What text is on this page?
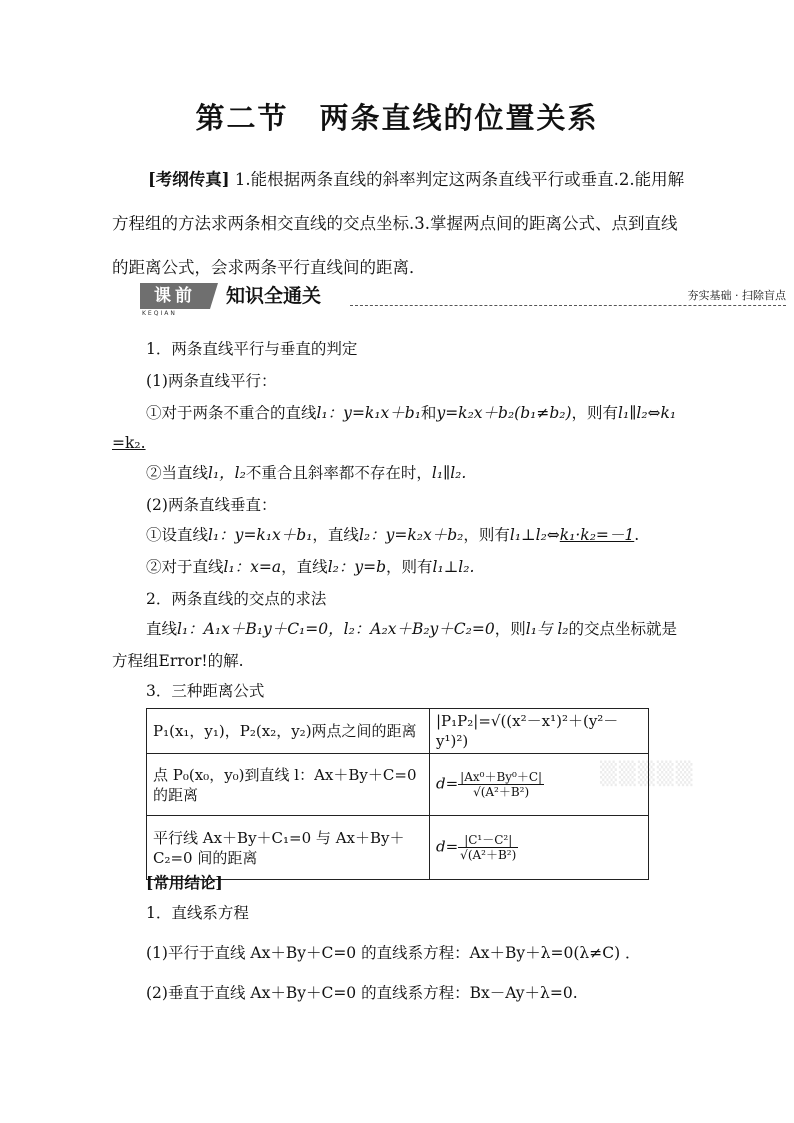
第二节　两条直线的位置关系
[考纲传真] 1.能根据两条直线的斜率判定这两条直线平行或垂直.2.能用解方程组的方法求两条相交直线的交点坐标.3.掌握两点间的距离公式、点到直线的距离公式，会求两条平行直线间的距离．
课前
KEQIAN
知识全通关	夯实基础 · 扫除盲点
1．两条直线平行与垂直的判定
(1)两条直线平行：
①对于两条不重合的直线l₁：y=k₁x＋b₁和y=k₂x＋b₂(b₁≠b₂)，则有l₁∥l₂⇔k₁
=k₂.
②当直线l₁，l₂不重合且斜率都不存在时，l₁∥l₂.
(2)两条直线垂直：
①设直线l₁：y=k₁x＋b₁，直线l₂：y=k₂x＋b₂，则有l₁⊥l₂⇔k₁·k₂=－1.
②对于直线l₁：x=a，直线l₂：y=b，则有l₁⊥l₂.
2．两条直线的交点的求法
直线l₁：A₁x＋B₁y＋C₁=0，l₂：A₂x＋B₂y＋C₂=0，则l₁与 l₂的交点坐标就是
方程组Error!的解.
3．三种距离公式
▒▒▒▒▒
P₁(x₁，y₁)，P₂(x₂，y₂)两点之间的距离	|P₁P₂|=√((x²－x¹)²＋(y²－y¹)²)
点 P₀(x₀，y₀)到直线 l：Ax＋By＋C=0 的距离	$d= \frac{\text{|Ax⁰＋By⁰＋C|}}{\text{√(A²＋B²)}}$

平行线 Ax＋By＋C₁=0 与 Ax＋By＋C₂=0 间的距离	$d= \frac{\text{|C¹－C²|}}{\text{√(A²＋B²)}}$
[常用结论]
1．直线系方程
(1)平行于直线 Ax＋By＋C=0 的直线系方程：Ax＋By＋λ=0(λ≠C) ．
(2)垂直于直线 Ax＋By＋C=0 的直线系方程：Bx－Ay＋λ=0.
